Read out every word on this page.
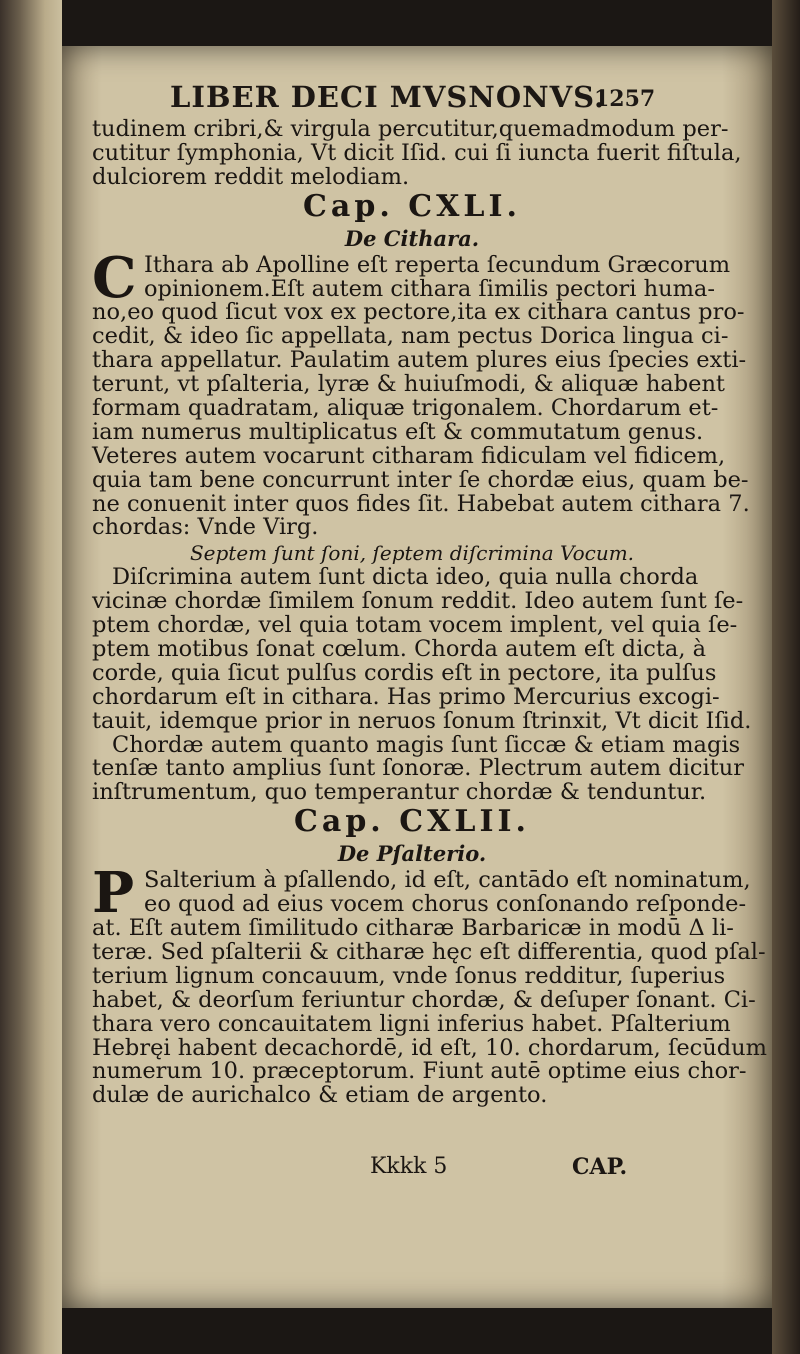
LIBER DECI MVSNONVS.
1257
tudinem cribri,& virgula percutitur,quemadmodum per-
cutitur ſymphonia, Vt dicit Iſid. cui ſi iuncta fuerit fiſtula,
dulciorem reddit melodiam.
Cap. CXLI.
De Cithara.
C Ithara ab Apolline eſt reperta ſecundum Græcorum
opinionem.Eſt autem cithara ſimilis pectori huma-
no,eo quod ſicut vox ex pectore,ita ex cithara cantus pro-
cedit, & ideo ſic appellata, nam pectus Dorica lingua ci-
thara appellatur. Paulatim autem plures eius ſpecies exti-
terunt, vt pſalteria, lyræ & huiuſmodi, & aliquæ habent
formam quadratam, aliquæ trigonalem. Chordarum et-
iam numerus multiplicatus eſt & commutatum genus.
Veteres autem vocarunt citharam fidiculam vel fidicem,
quia tam bene concurrunt inter ſe chordæ eius, quam be-
ne conuenit inter quos fides ſit. Habebat autem cithara 7.
chordas: Vnde Virg.
Septem ſunt ſoni, ſeptem diſcrimina Vocum.
Diſcrimina autem ſunt dicta ideo, quia nulla chorda
vicinæ chordæ ſimilem ſonum reddit. Ideo autem ſunt ſe-
ptem chordæ, vel quia totam vocem implent, vel quia ſe-
ptem motibus ſonat cœlum. Chorda autem eſt dicta, à
corde, quia ſicut pulſus cordis eſt in pectore, ita pulſus
chordarum eſt in cithara. Has primo Mercurius excogi-
tauit, idemque prior in neruos ſonum ſtrinxit, Vt dicit Iſid.
Chordæ autem quanto magis ſunt ſiccæ & etiam magis
tenſæ tanto amplius ſunt ſonoræ. Plectrum autem dicitur
inſtrumentum, quo temperantur chordæ & tenduntur.
Cap. CXLII.
De Pſalterio.
P Salterium à pſallendo, id eſt, cantādo eſt nominatum,
eo quod ad eius vocem chorus conſonando reſponde-
at. Eſt autem ſimilitudo citharæ Barbaricæ in modū Δ li-
teræ. Sed pſalterii & citharæ hęc eſt differentia, quod pſal-
terium lignum concauum, vnde ſonus redditur, ſuperius
habet, & deorſum feriuntur chordæ, & deſuper ſonant. Ci-
thara vero concauitatem ligni inferius habet. Pſalterium
Hebręi habent decachordē, id eſt, 10. chordarum, ſecūdum
numerum 10. præceptorum. Fiunt autē optime eius chor-
dulæ de aurichalco & etiam de argento.
Kkkk 5	CAP.
